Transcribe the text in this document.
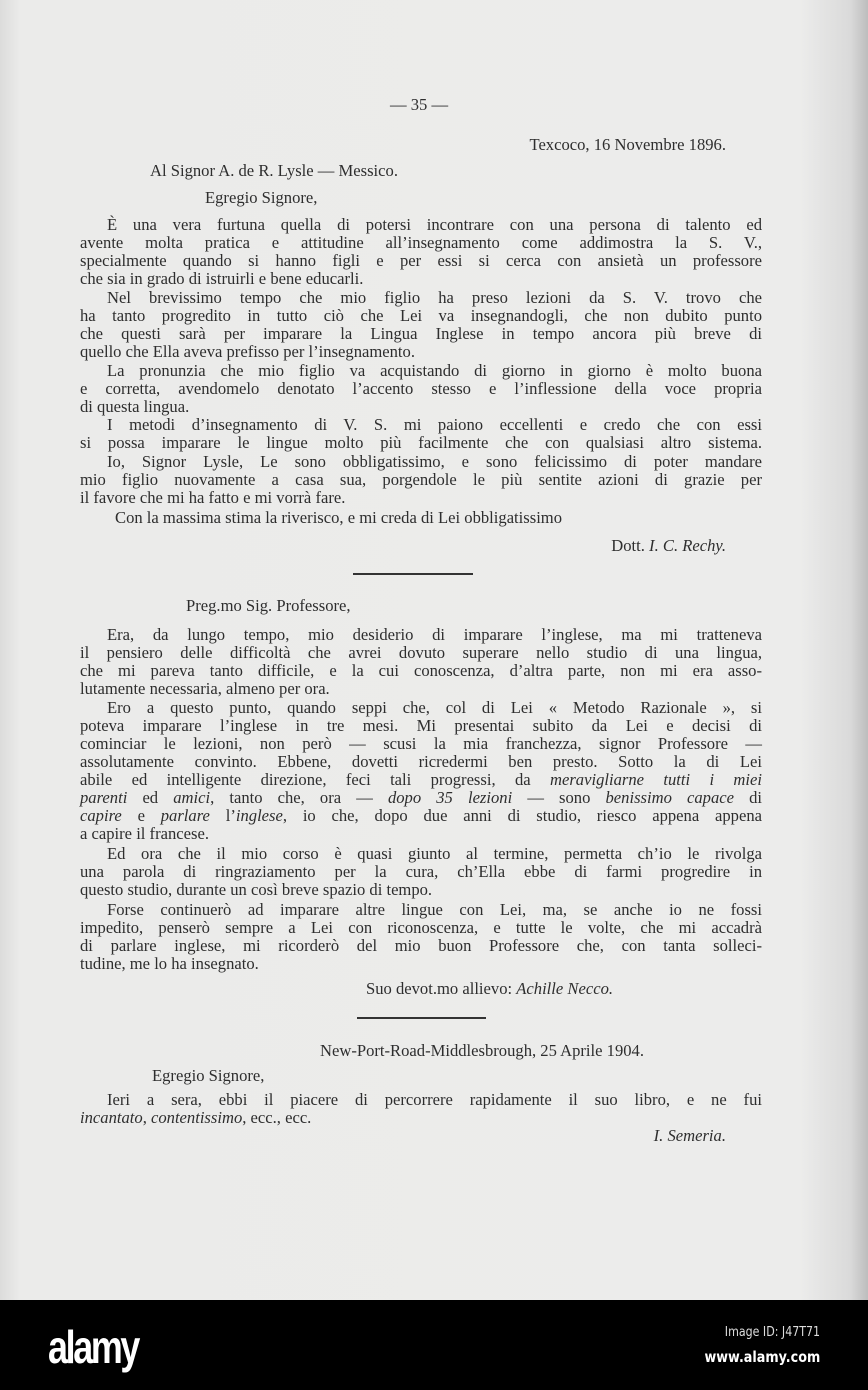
— 35 —
Texcoco, 16 Novembre 1896.
Al Signor A. de R. Lysle — Messico.
Egregio Signore,
È una vera furtuna quella di potersi incontrare con una persona di talento ed
avente molta pratica e attitudine all’insegnamento come addimostra la S. V.,
specialmente quando si hanno figli e per essi si cerca con ansietà un professore
che sia in grado di istruirli e bene educarli.
Nel brevissimo tempo che mio figlio ha preso lezioni da S. V. trovo che
ha tanto progredito in tutto ciò che Lei va insegnandogli, che non dubito punto
che questi sarà per imparare la Lingua Inglese in tempo ancora più breve di
quello che Ella aveva prefisso per l’insegnamento.
La pronunzia che mio figlio va acquistando di giorno in giorno è molto buona
e corretta, avendomelo denotato l’accento stesso e l’inflessione della voce propria
di questa lingua.
I metodi d’insegnamento di V. S. mi paiono eccellenti e credo che con essi
si possa imparare le lingue molto più facilmente che con qualsiasi altro sistema.
Io, Signor Lysle, Le sono obbligatissimo, e sono felicissimo di poter mandare
mio figlio nuovamente a casa sua, porgendole le più sentite azioni di grazie per
il favore che mi ha fatto e mi vorrà fare.
Con la massima stima la riverisco, e mi creda di Lei obbligatissimo
Dott. I. C. Rechy.
Preg.mo Sig. Professore,
Era, da lungo tempo, mio desiderio di imparare l’inglese, ma mi tratteneva
il pensiero delle difficoltà che avrei dovuto superare nello studio di una lingua,
che mi pareva tanto difficile, e la cui conoscenza, d’altra parte, non mi era asso-
lutamente necessaria, almeno per ora.
Ero a questo punto, quando seppi che, col di Lei « Metodo Razionale », si
poteva imparare l’inglese in tre mesi. Mi presentai subito da Lei e decisi di
cominciar le lezioni, non però — scusi la mia franchezza, signor Professore —
assolutamente convinto. Ebbene, dovetti ricredermi ben presto. Sotto la di Lei
abile ed intelligente direzione, feci tali progressi, da meravigliarne tutti i miei
parenti ed amici, tanto che, ora — dopo 35 lezioni — sono benissimo capace di
capire e parlare l’inglese, io che, dopo due anni di studio, riesco appena appena
a capire il francese.
Ed ora che il mio corso è quasi giunto al termine, permetta ch’io le rivolga
una parola di ringraziamento per la cura, ch’Ella ebbe di farmi progredire in
questo studio, durante un così breve spazio di tempo.
Forse continuerò ad imparare altre lingue con Lei, ma, se anche io ne fossi
impedito, penserò sempre a Lei con riconoscenza, e tutte le volte, che mi accadrà
di parlare inglese, mi ricorderò del mio buon Professore che, con tanta solleci-
tudine, me lo ha insegnato.
Suo devot.mo allievo: Achille Necco.
New-Port-Road-Middlesbrough, 25 Aprile 1904.
Egregio Signore,
Ieri a sera, ebbi il piacere di percorrere rapidamente il suo libro, e ne fui
incantato, contentissimo, ecc., ecc.
I. Semeria.
alamy	Image ID: J47T71
www.alamy.com
